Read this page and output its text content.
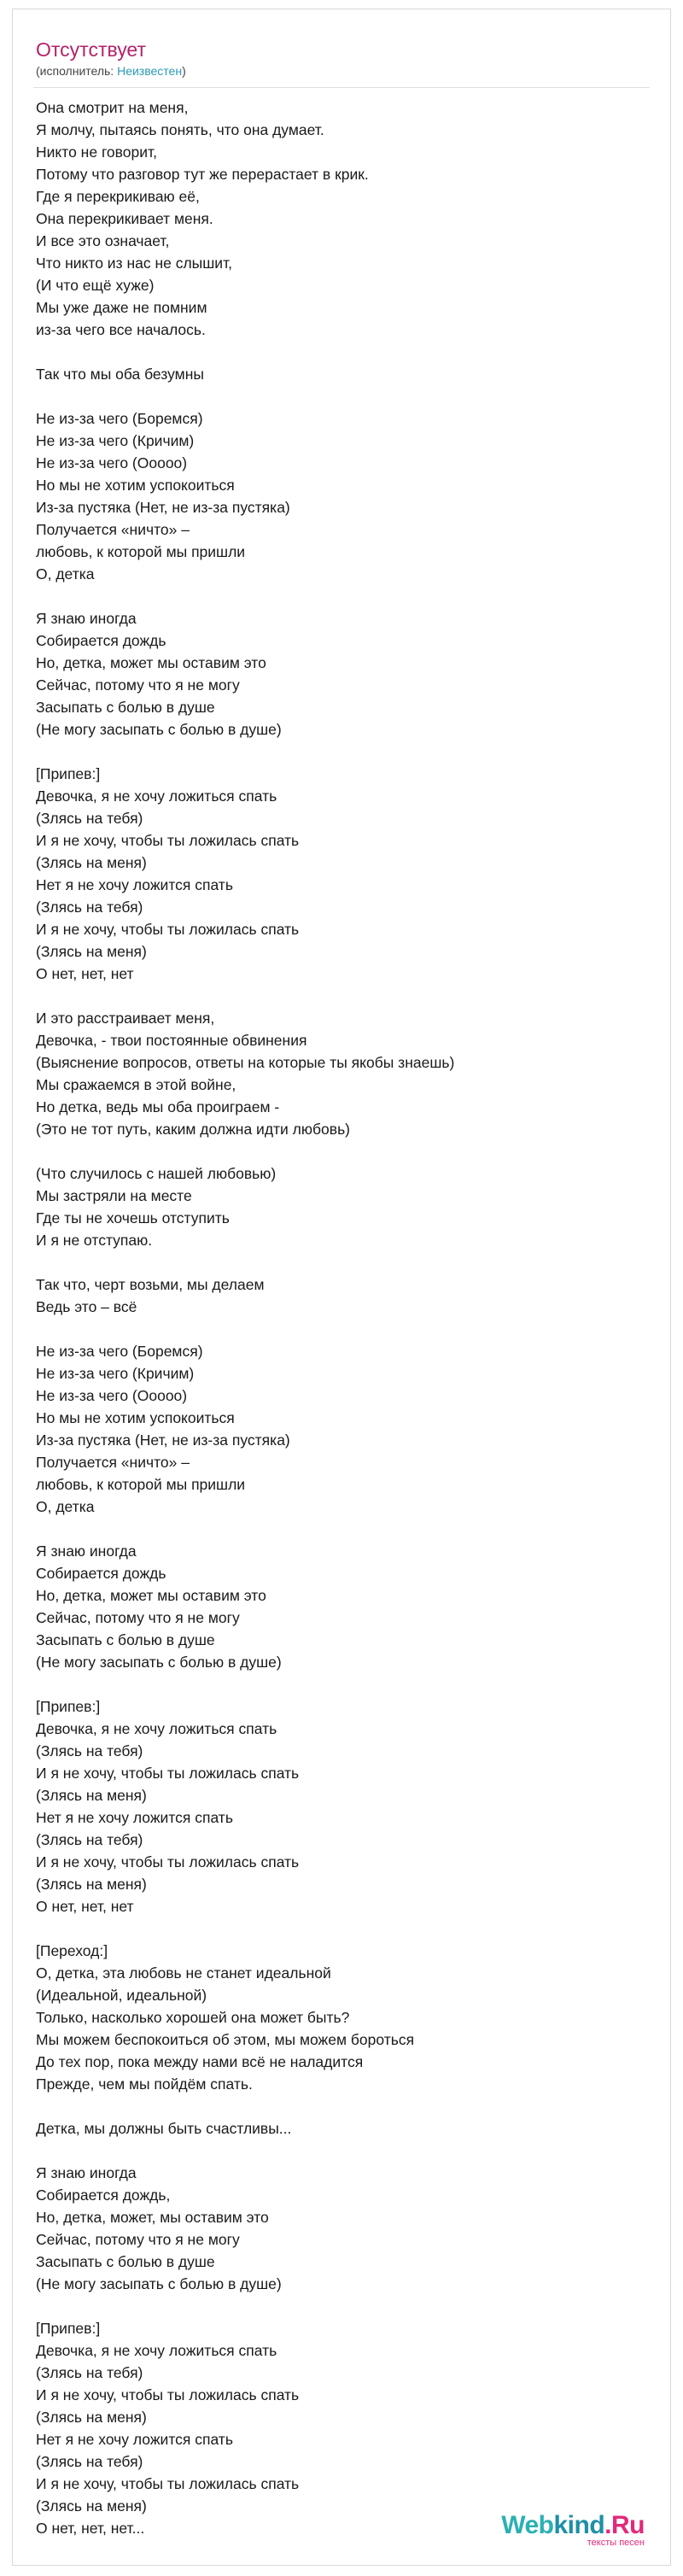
Отсутствует
(исполнитель: Неизвестен)
Она смотрит на меня,
Я молчу, пытаясь понять, что она думает.
Никто не говорит,
Потому что разговор тут же перерастает в крик.
Где я перекрикиваю её,
Она перекрикивает меня.
И все это означает,
Что никто из нас не слышит,
(И что ещё хуже)
Мы уже даже не помним
из-за чего все началось.
Так что мы оба безумны
Не из-за чего (Боремся)
Не из-за чего (Кричим)
Не из-за чего (Ооооо)
Но мы не хотим успокоиться
Из-за пустяка (Нет, не из-за пустяка)
Получается «ничто» –
любовь, к которой мы пришли
О, детка
Я знаю иногда
Собирается дождь
Но, детка, может мы оставим это
Сейчас, потому что я не могу
Засыпать с болью в душе
(Не могу засыпать с болью в душе)
[Припев:]
Девочка, я не хочу ложиться спать
(Злясь на тебя)
И я не хочу, чтобы ты ложилась спать
(Злясь на меня)
Нет я не хочу ложится спать
(Злясь на тебя)
И я не хочу, чтобы ты ложилась спать
(Злясь на меня)
О нет, нет, нет
И это расстраивает меня,
Девочка, - твои постоянные обвинения
(Выяснение вопросов, ответы на которые ты якобы знаешь)
Мы сражаемся в этой войне,
Но детка, ведь мы оба проиграем -
(Это не тот путь, каким должна идти любовь)
(Что случилось с нашей любовью)
Мы застряли на месте
Где ты не хочешь отступить
И я не отступаю.
Так что, черт возьми, мы делаем
Ведь это – всё
Не из-за чего (Боремся)
Не из-за чего (Кричим)
Не из-за чего (Ооооо)
Но мы не хотим успокоиться
Из-за пустяка (Нет, не из-за пустяка)
Получается «ничто» –
любовь, к которой мы пришли
О, детка
Я знаю иногда
Собирается дождь
Но, детка, может мы оставим это
Сейчас, потому что я не могу
Засыпать с болью в душе
(Не могу засыпать с болью в душе)
[Припев:]
Девочка, я не хочу ложиться спать
(Злясь на тебя)
И я не хочу, чтобы ты ложилась спать
(Злясь на меня)
Нет я не хочу ложится спать
(Злясь на тебя)
И я не хочу, чтобы ты ложилась спать
(Злясь на меня)
О нет, нет, нет
[Переход:]
О, детка, эта любовь не станет идеальной
(Идеальной, идеальной)
Только, насколько хорошей она может быть?
Мы можем беспокоиться об этом, мы можем бороться
До тех пор, пока между нами всё не наладится
Прежде, чем мы пойдём спать.
Детка, мы должны быть счастливы...
Я знаю иногда
Собирается дождь,
Но, детка, может, мы оставим это
Сейчас, потому что я не могу
Засыпать с болью в душе
(Не могу засыпать с болью в душе)
[Припев:]
Девочка, я не хочу ложиться спать
(Злясь на тебя)
И я не хочу, чтобы ты ложилась спать
(Злясь на меня)
Нет я не хочу ложится спать
(Злясь на тебя)
И я не хочу, чтобы ты ложилась спать
(Злясь на меня)
О нет, нет, нет...	Webkind.Ru
тексты песен
